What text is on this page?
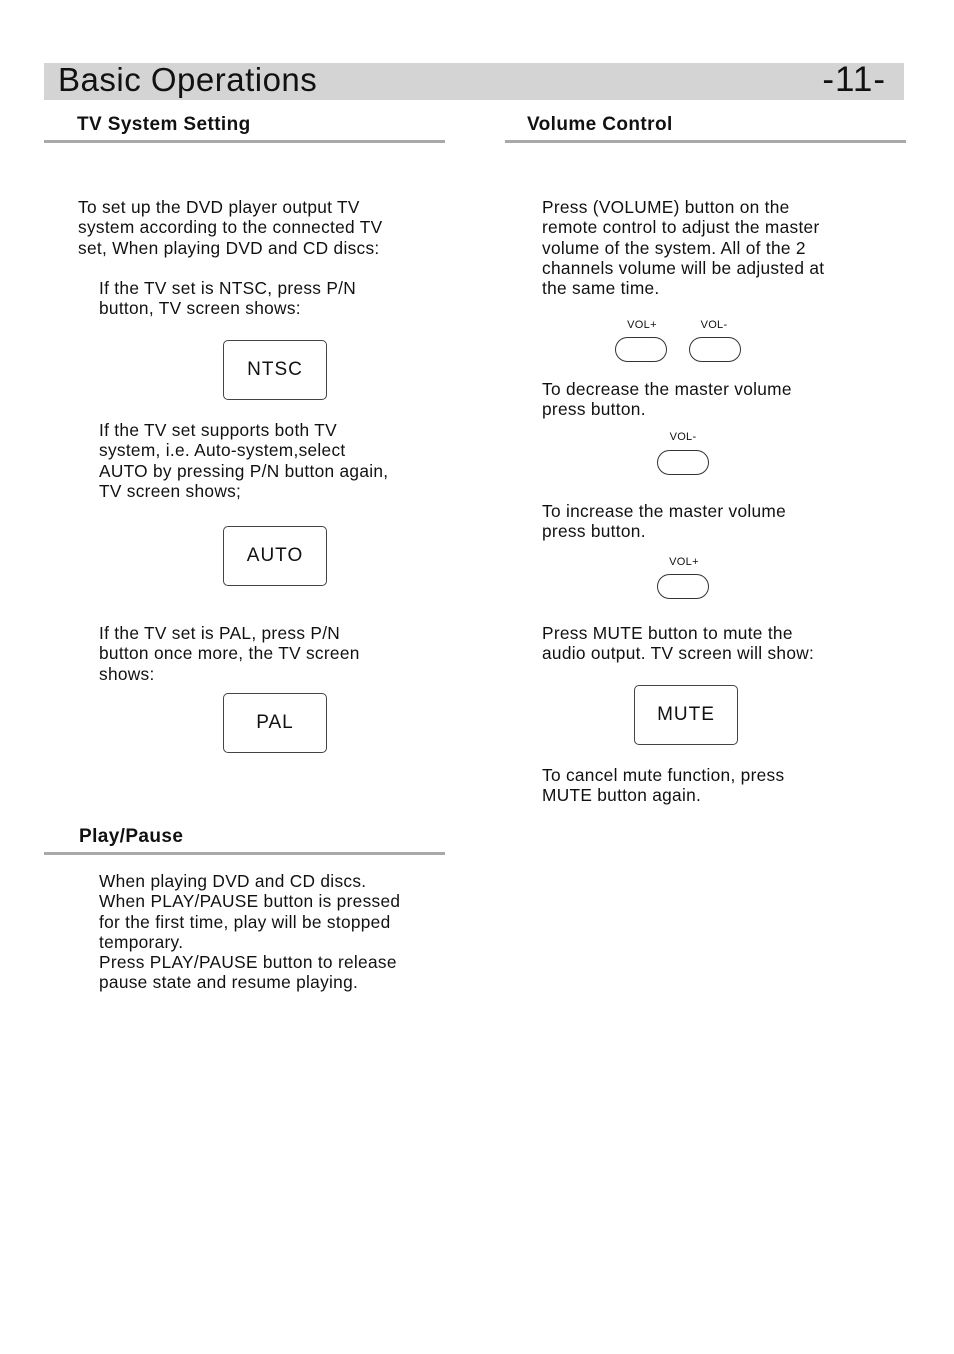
Basic Operations	-11-
TV System Setting

To set up the DVD player output TV
system according to the connected TV
set, When playing DVD and CD discs:

If the TV set is NTSC, press P/N
button, TV screen shows:

NTSC

If the TV set supports both TV
system, i.e. Auto-system,select
AUTO by pressing P/N button again,
TV screen shows;

AUTO

If the TV set is PAL, press P/N
button once more, the TV screen
shows:

PAL
Play/Pause

When playing DVD and CD discs.
When PLAY/PAUSE button is pressed
for the first time, play will be stopped
temporary.
Press PLAY/PAUSE button to release
pause state and resume playing.

Volume Control

Press (VOLUME) button on the
remote control to adjust the master
volume of the system. All of the 2
channels volume will be adjusted at
the same time.

VOL+	VOL-

To decrease the master volume
press button.

VOL-

To increase the master volume
press button.

VOL+

Press MUTE button to mute the
audio output. TV screen will show:

MUTE

To cancel mute function, press
MUTE button again.
